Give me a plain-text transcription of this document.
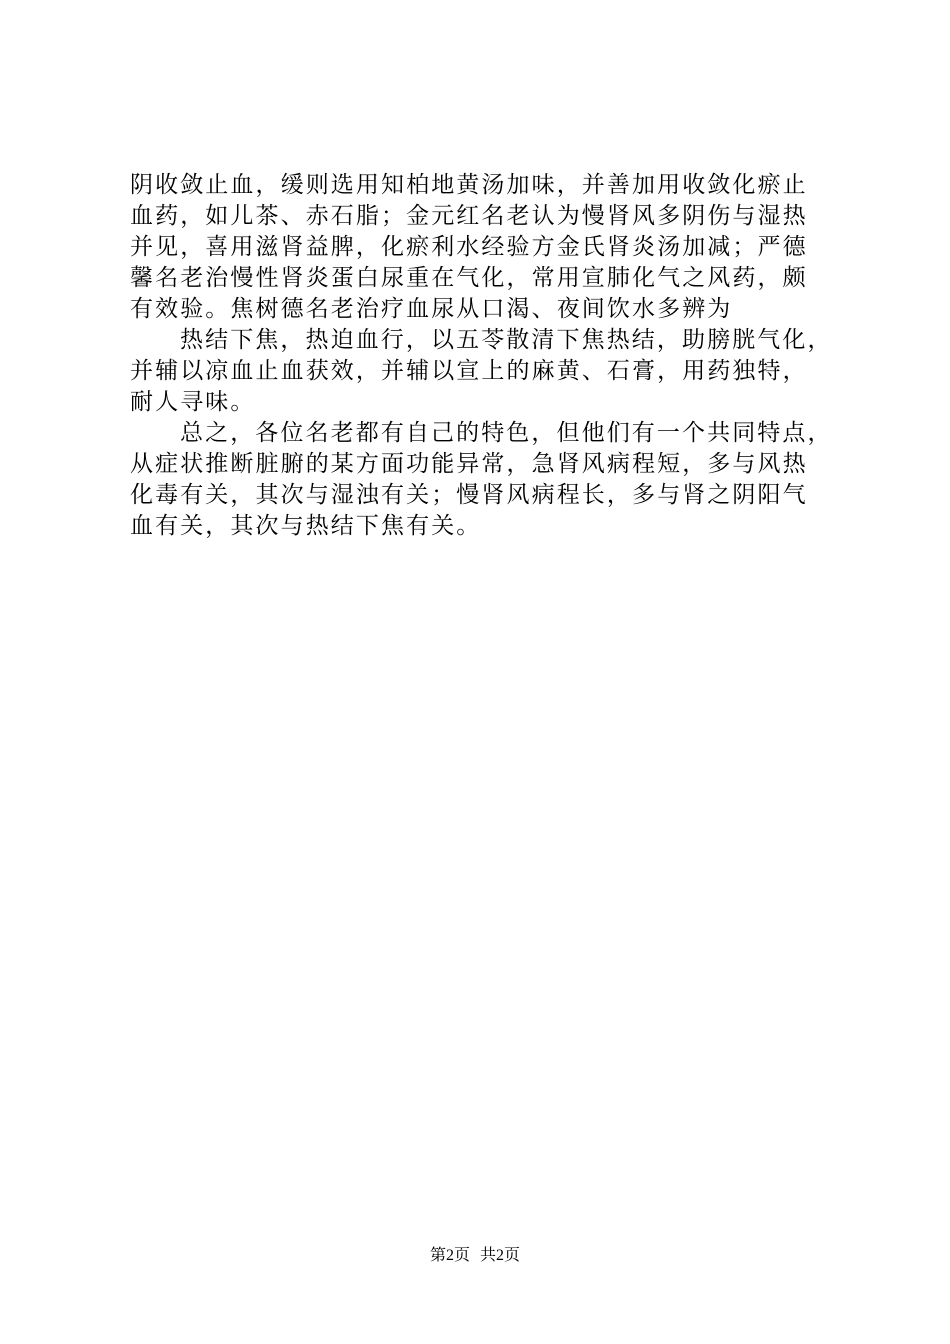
阴收敛止血，缓则选用知柏地黄汤加味，并善加用收敛化瘀止
血药，如儿茶、赤石脂；金元红名老认为慢肾风多阴伤与湿热
并见，喜用滋肾益脾，化瘀利水经验方金氏肾炎汤加减；严德
馨名老治慢性肾炎蛋白尿重在气化，常用宣肺化气之风药，颇
有效验。焦树德名老治疗血尿从口渴、夜间饮水多辨为
热结下焦，热迫血行，以五苓散清下焦热结，助膀胱气化，
并辅以凉血止血获效，并辅以宣上的麻黄、石膏，用药独特，
耐人寻味。
总之，各位名老都有自己的特色，但他们有一个共同特点，
从症状推断脏腑的某方面功能异常，急肾风病程短，多与风热
化毒有关，其次与湿浊有关；慢肾风病程长，多与肾之阴阳气
血有关，其次与热结下焦有关。
第2页 共2页
